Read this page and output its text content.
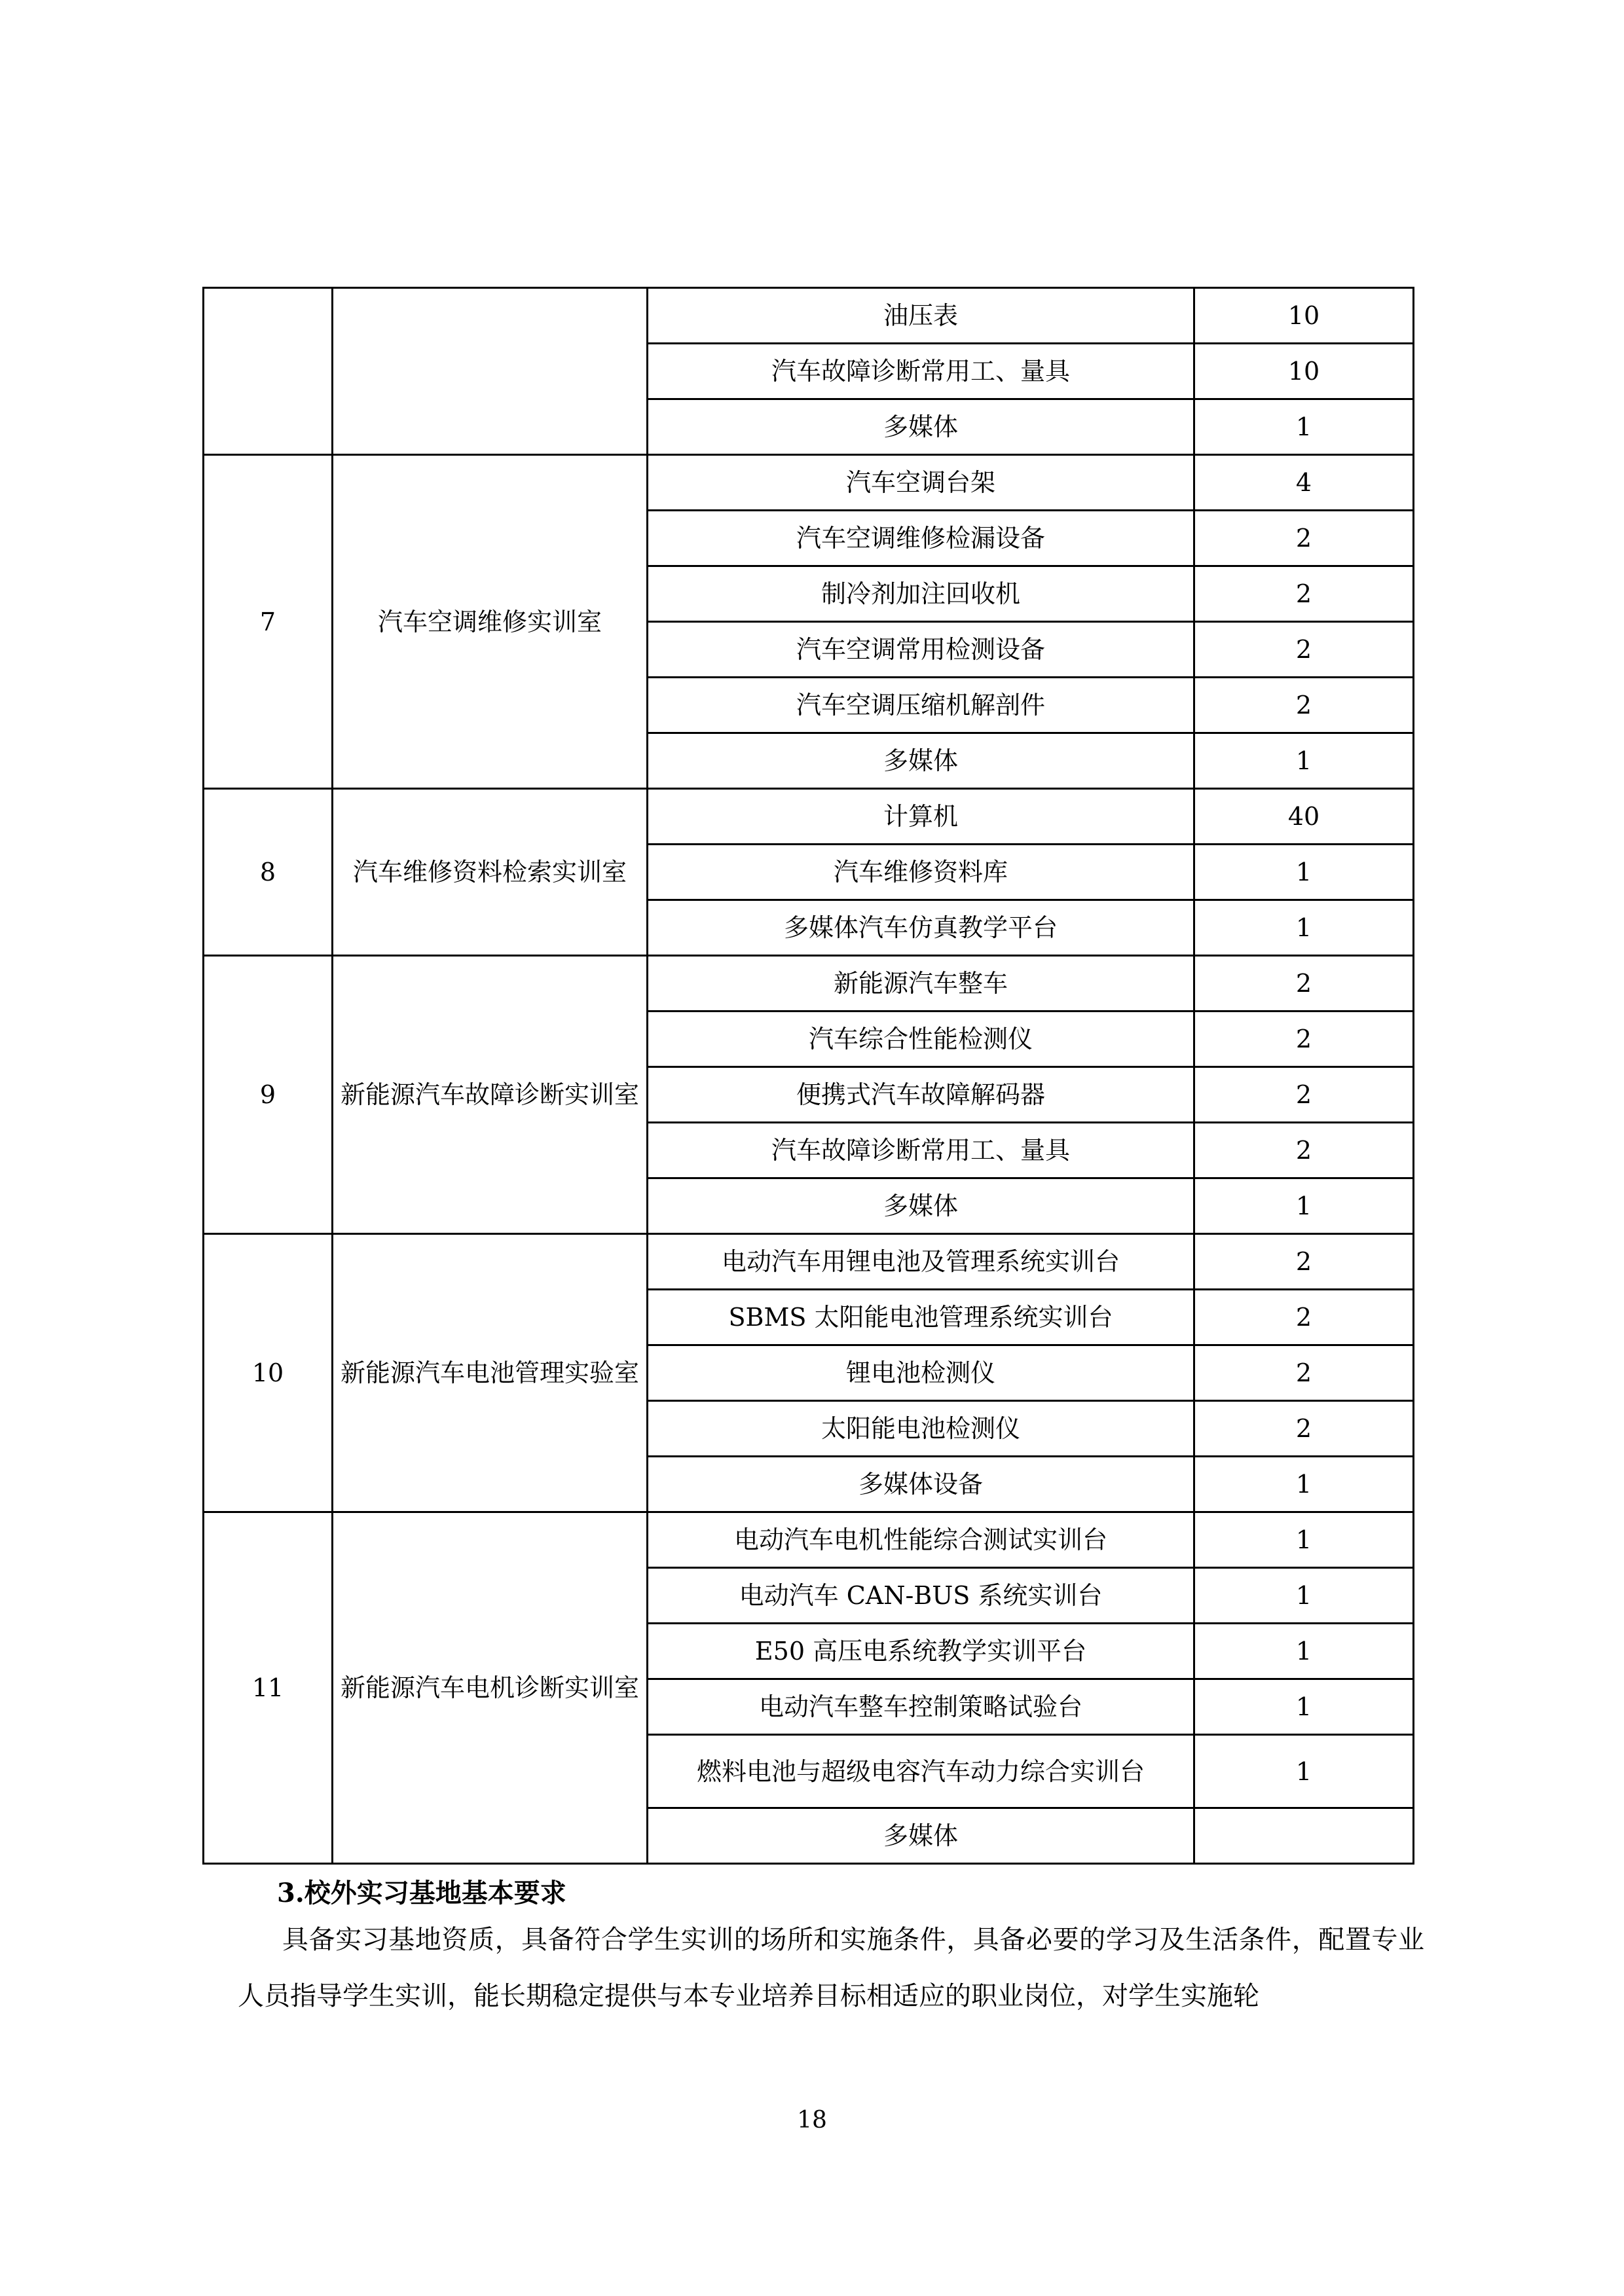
		油压表	10
		汽车故障诊断常用工、量具	10
		多媒体	1
7	汽车空调维修实训室	汽车空调台架	4
		汽车空调维修检漏设备	2
		制冷剂加注回收机	2
		汽车空调常用检测设备	2
		汽车空调压缩机解剖件	2
		多媒体	1
8	汽车维修资料检索实训室	计算机	40
		汽车维修资料库	1
		多媒体汽车仿真教学平台	1
9	新能源汽车故障诊断实训室	新能源汽车整车	2
		汽车综合性能检测仪	2
		便携式汽车故障解码器	2
		汽车故障诊断常用工、量具	2
		多媒体	1
10	新能源汽车电池管理实验室	电动汽车用锂电池及管理系统实训台	2
		SBMS 太阳能电池管理系统实训台	2
		锂电池检测仪	2
		太阳能电池检测仪	2
		多媒体设备	1
11	新能源汽车电机诊断实训室	电动汽车电机性能综合测试实训台	1
		电动汽车 CAN-BUS 系统实训台	1
		E50 高压电系统教学实训平台	1
		电动汽车整车控制策略试验台	1
		燃料电池与超级电容汽车动力综合实训台	1
		多媒体	
3.校外实习基地基本要求

具备实习基地资质，具备符合学生实训的场所和实施条件，具备必要的学习及生活条件，配置专业人员指导学生实训，能长期稳定提供与本专业培养目标相适应的职业岗位，对学生实施轮

18
